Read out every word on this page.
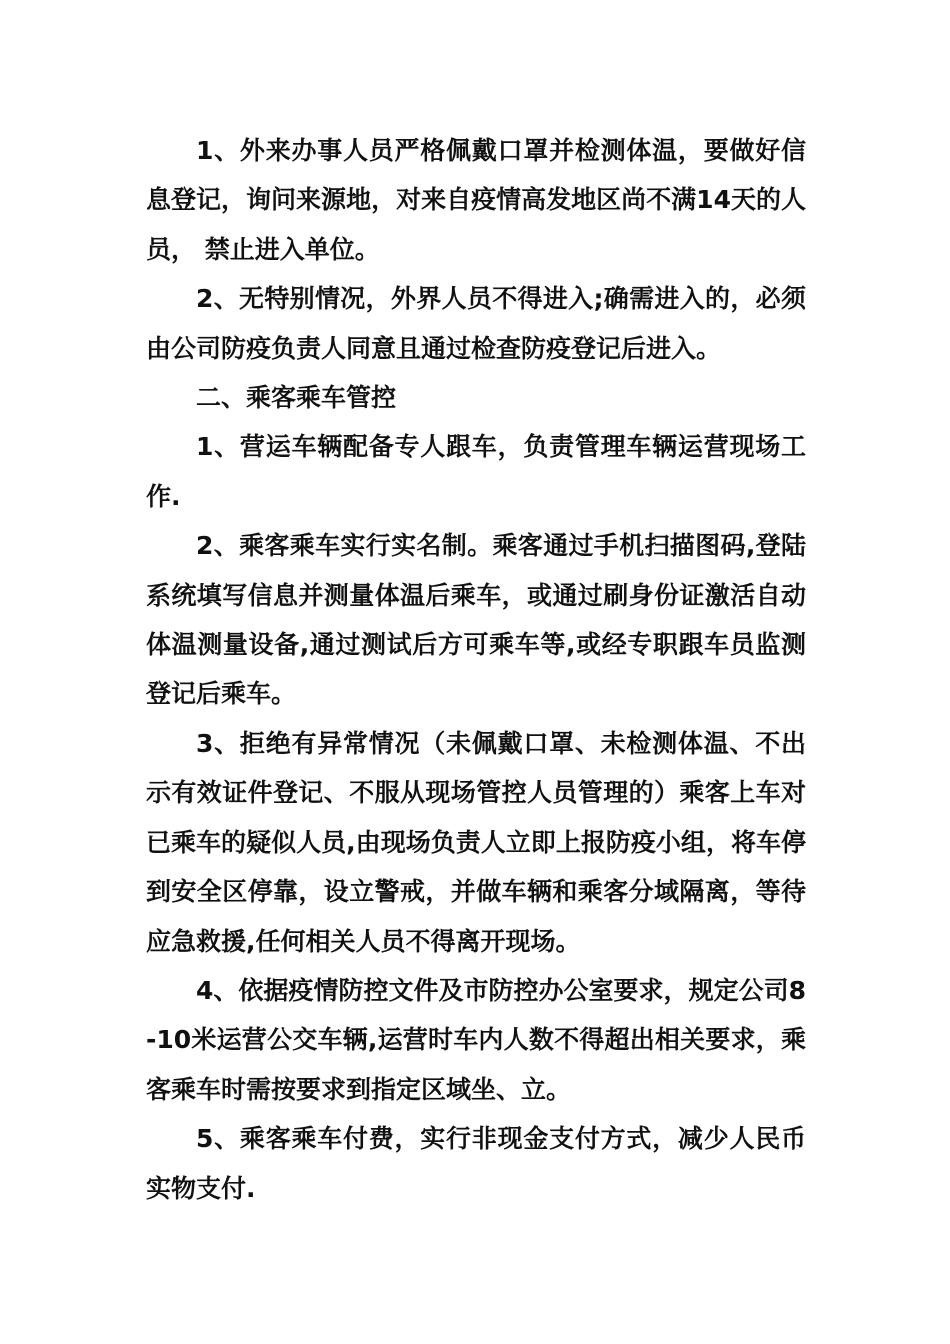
1、外来办事人员严格佩戴口罩并检测体温，要做好信息登记，询问来源地，对来自疫情高发地区尚不满14天的人员， 禁止进入单位。

2、无特别情况，外界人员不得进入;确需进入的，必须由公司防疫负责人同意且通过检查防疫登记后进入。

二、乘客乘车管控

1、营运车辆配备专人跟车，负责管理车辆运营现场工作.

2、乘客乘车实行实名制。乘客通过手机扫描图码,登陆系统填写信息并测量体温后乘车，或通过刷身份证激活自动体温测量设备,通过测试后方可乘车等,或经专职跟车员监测登记后乘车。

3、拒绝有异常情况（未佩戴口罩、未检测体温、不出示有效证件登记、不服从现场管控人员管理的）乘客上车对已乘车的疑似人员,由现场负责人立即上报防疫小组，将车停到安全区停靠，设立警戒，并做车辆和乘客分域隔离，等待应急救援,任何相关人员不得离开现场。

4、依据疫情防控文件及市防控办公室要求，规定公司8-10米运营公交车辆,运营时车内人数不得超出相关要求，乘客乘车时需按要求到指定区域坐、立。

5、乘客乘车付费，实行非现金支付方式，减少人民币实物支付.
